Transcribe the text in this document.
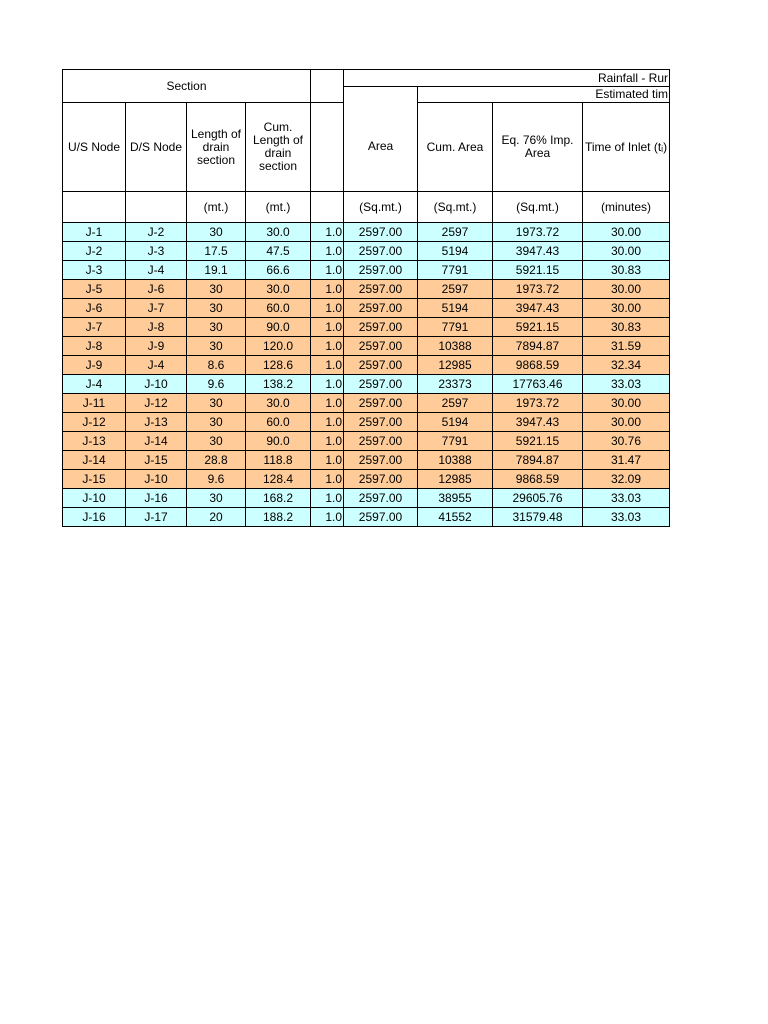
Section					Rainfall - Rur			
						Estimated tim		
U/S Node	D/S Node	Length of drain section	Cum. Length of drain section		Area	Cum. Area	Eq. 76% Imp. Area	Time of Inlet (tᵢ)
		(mt.)	(mt.)		(Sq.mt.)	(Sq.mt.)	(Sq.mt.)	(minutes)
J-1	J-2	30	30.0	1.0	2597.00	2597	1973.72	30.00
J-2	J-3	17.5	47.5	1.0	2597.00	5194	3947.43	30.00
J-3	J-4	19.1	66.6	1.0	2597.00	7791	5921.15	30.83
J-5	J-6	30	30.0	1.0	2597.00	2597	1973.72	30.00
J-6	J-7	30	60.0	1.0	2597.00	5194	3947.43	30.00
J-7	J-8	30	90.0	1.0	2597.00	7791	5921.15	30.83
J-8	J-9	30	120.0	1.0	2597.00	10388	7894.87	31.59
J-9	J-4	8.6	128.6	1.0	2597.00	12985	9868.59	32.34
J-4	J-10	9.6	138.2	1.0	2597.00	23373	17763.46	33.03
J-11	J-12	30	30.0	1.0	2597.00	2597	1973.72	30.00
J-12	J-13	30	60.0	1.0	2597.00	5194	3947.43	30.00
J-13	J-14	30	90.0	1.0	2597.00	7791	5921.15	30.76
J-14	J-15	28.8	118.8	1.0	2597.00	10388	7894.87	31.47
J-15	J-10	9.6	128.4	1.0	2597.00	12985	9868.59	32.09
J-10	J-16	30	168.2	1.0	2597.00	38955	29605.76	33.03
J-16	J-17	20	188.2	1.0	2597.00	41552	31579.48	33.03
